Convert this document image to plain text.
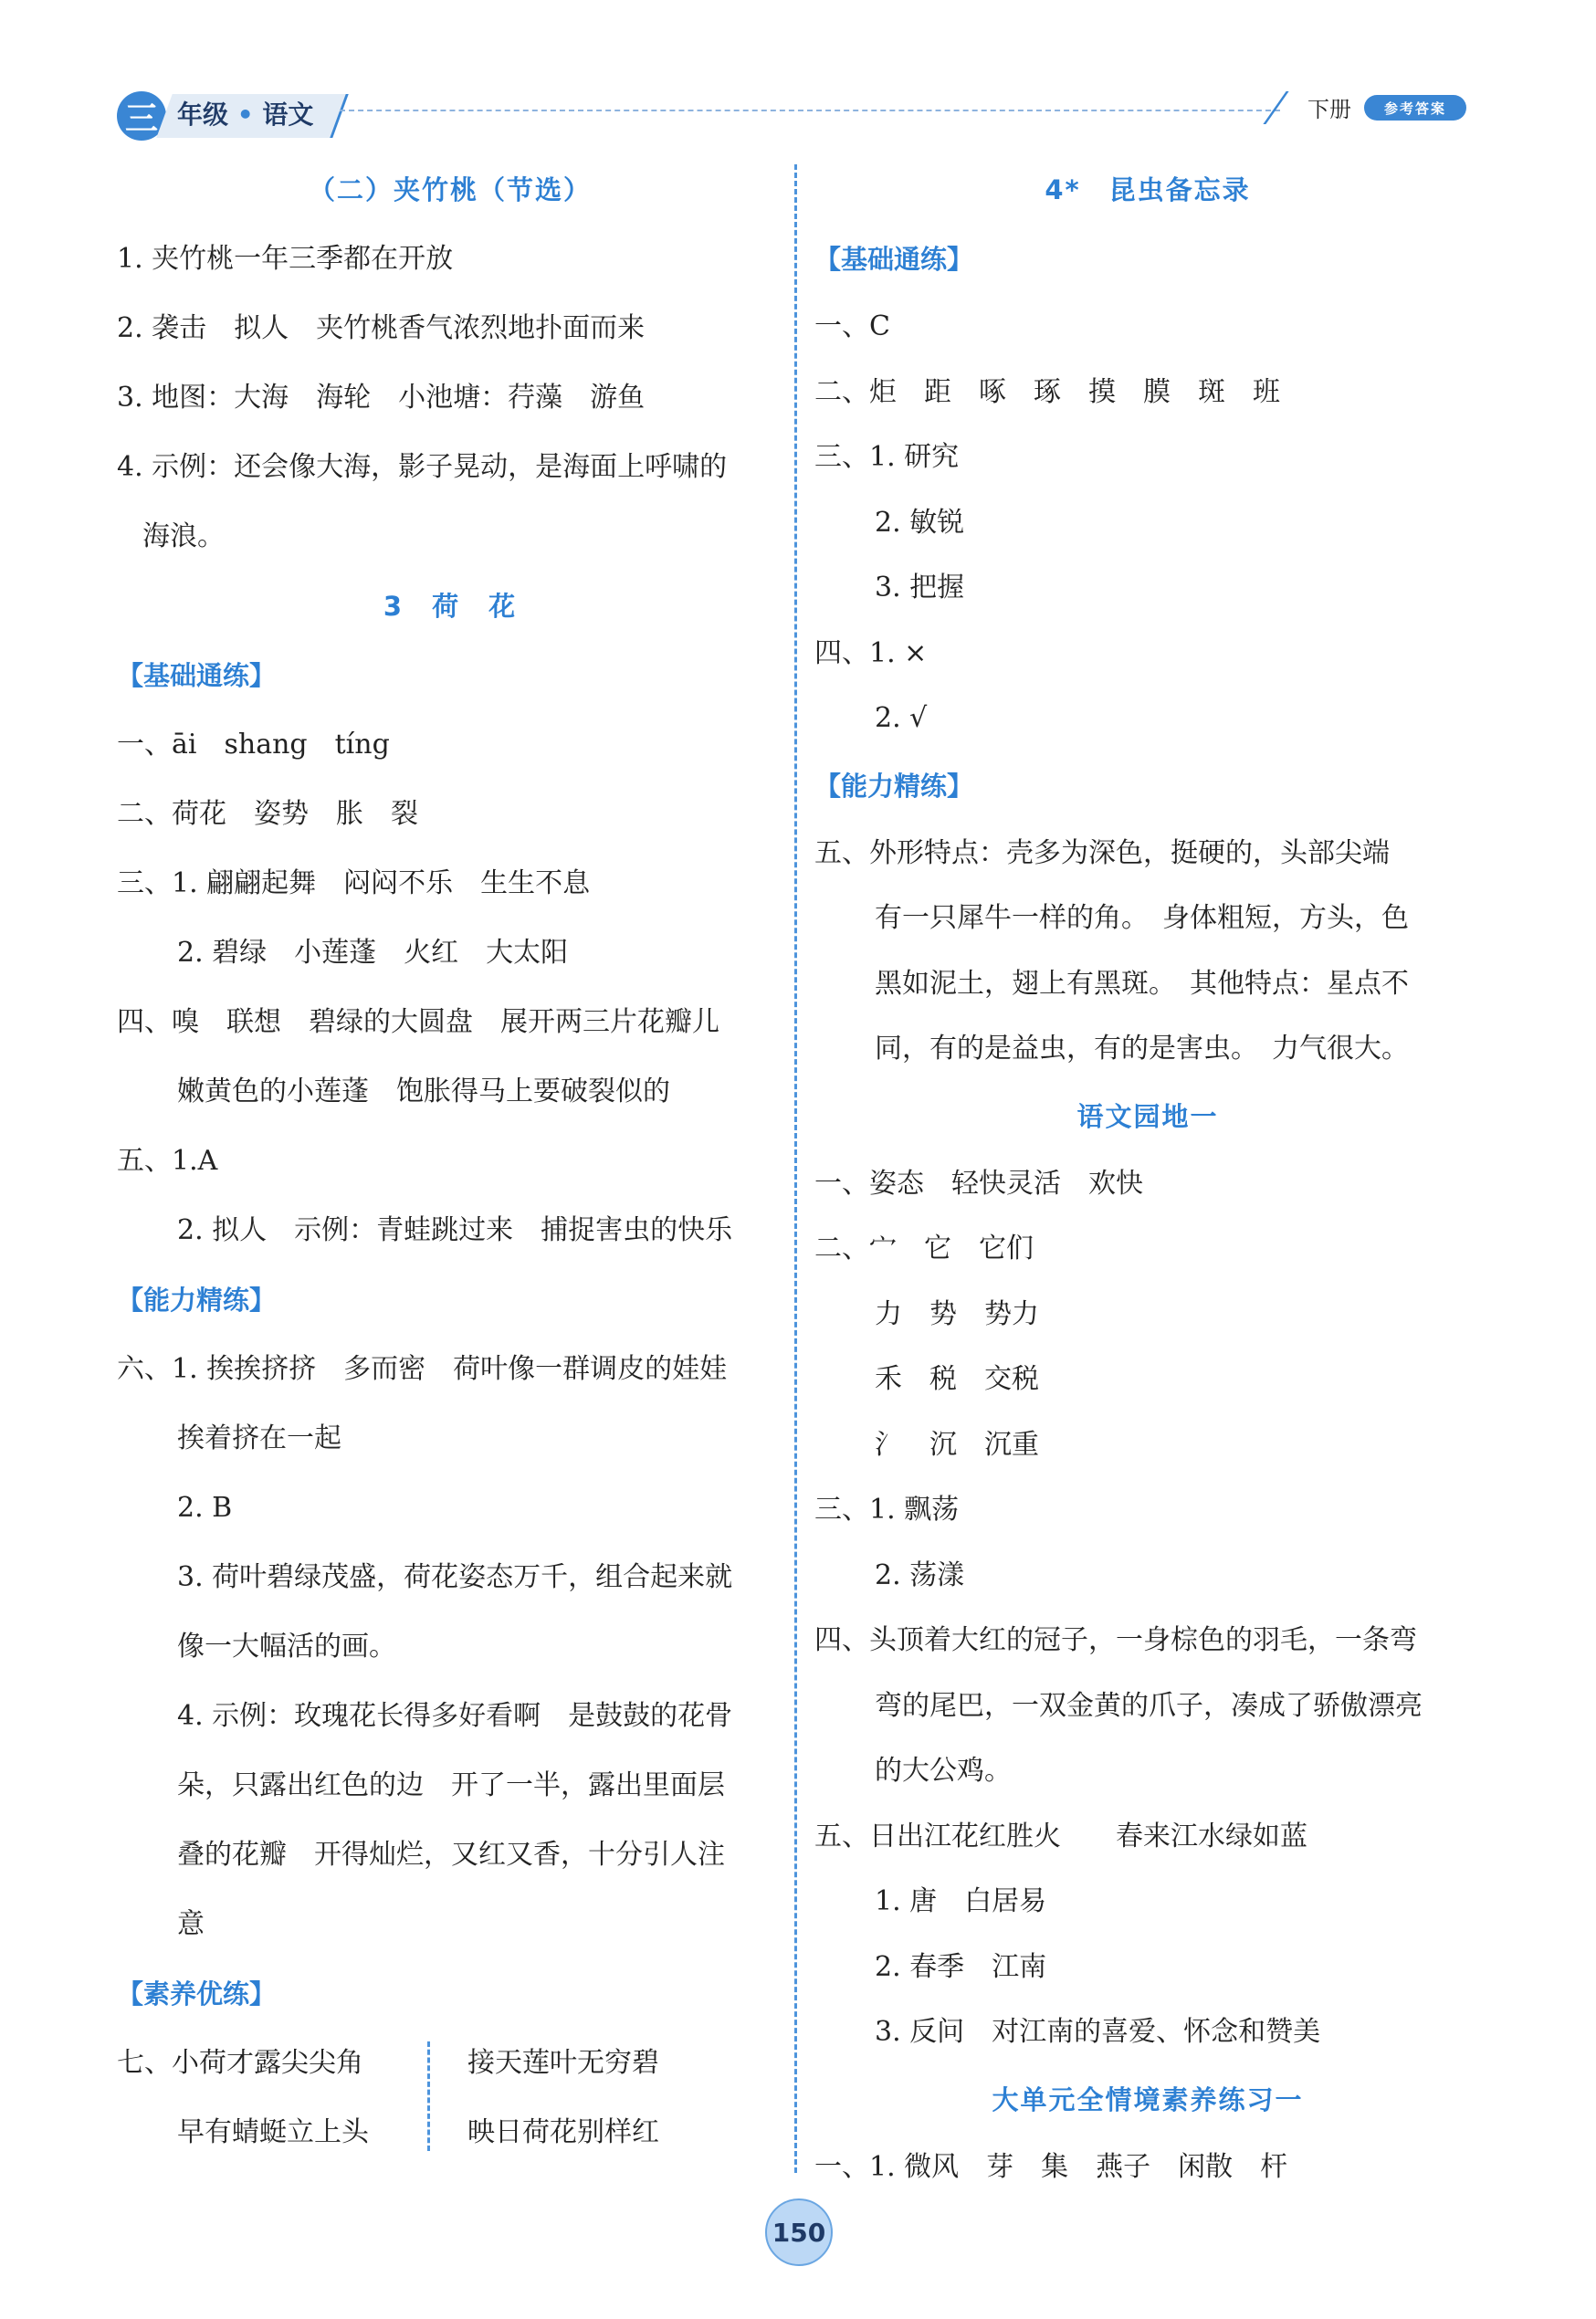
三 年级 • 语文	下册	参考答案
（二）夹竹桃（节选）
1. 夹竹桃一年三季都在开放
2. 袭击　拟人　夹竹桃香气浓烈地扑面而来
3. 地图：大海　海轮　小池塘：荇藻　游鱼
4. 示例：还会像大海，影子晃动，是海面上呼啸的
海浪。
3　荷　花
【基础通练】
一、āi　shang　tíng
二、荷花　姿势　胀　裂
三、1. 翩翩起舞　闷闷不乐　生生不息
2. 碧绿　小莲蓬　火红　大太阳
四、嗅　联想　碧绿的大圆盘　展开两三片花瓣儿
嫩黄色的小莲蓬　饱胀得马上要破裂似的
五、1.A
2. 拟人　示例：青蛙跳过来　捕捉害虫的快乐
【能力精练】
六、1. 挨挨挤挤　多而密　荷叶像一群调皮的娃娃
挨着挤在一起
2. B
3. 荷叶碧绿茂盛，荷花姿态万千，组合起来就
像一大幅活的画。
4. 示例：玫瑰花长得多好看啊　是鼓鼓的花骨
朵，只露出红色的边　开了一半，露出里面层
叠的花瓣　开得灿烂，又红又香，十分引人注
意
【素养优练】
七、小荷才露尖尖角	接天莲叶无穷碧
早有蜻蜓立上头	映日荷花别样红
4*　昆虫备忘录
【基础通练】
一、C
二、炬　距　啄　琢　摸　膜　斑　班
三、1. 研究
2. 敏锐
3. 把握
四、1. ×
2. √
【能力精练】
五、外形特点：壳多为深色，挺硬的，头部尖端
有一只犀牛一样的角。　身体粗短，方头，色
黑如泥土，翅上有黑斑。　其他特点：星点不
同，有的是益虫，有的是害虫。　力气很大。
语文园地一
一、姿态　轻快灵活　欢快
二、宀　它　它们
力　势　势力
禾　税　交税
氵　沉　沉重
三、1. 飘荡
2. 荡漾
四、头顶着大红的冠子，一身棕色的羽毛，一条弯
弯的尾巴，一双金黄的爪子，凑成了骄傲漂亮
的大公鸡。
五、日出江花红胜火　　春来江水绿如蓝
1. 唐　白居易
2. 春季　江南
3. 反问　对江南的喜爱、怀念和赞美
大单元全情境素养练习一
一、1. 微风　芽　集　燕子　闲散　杆
150
